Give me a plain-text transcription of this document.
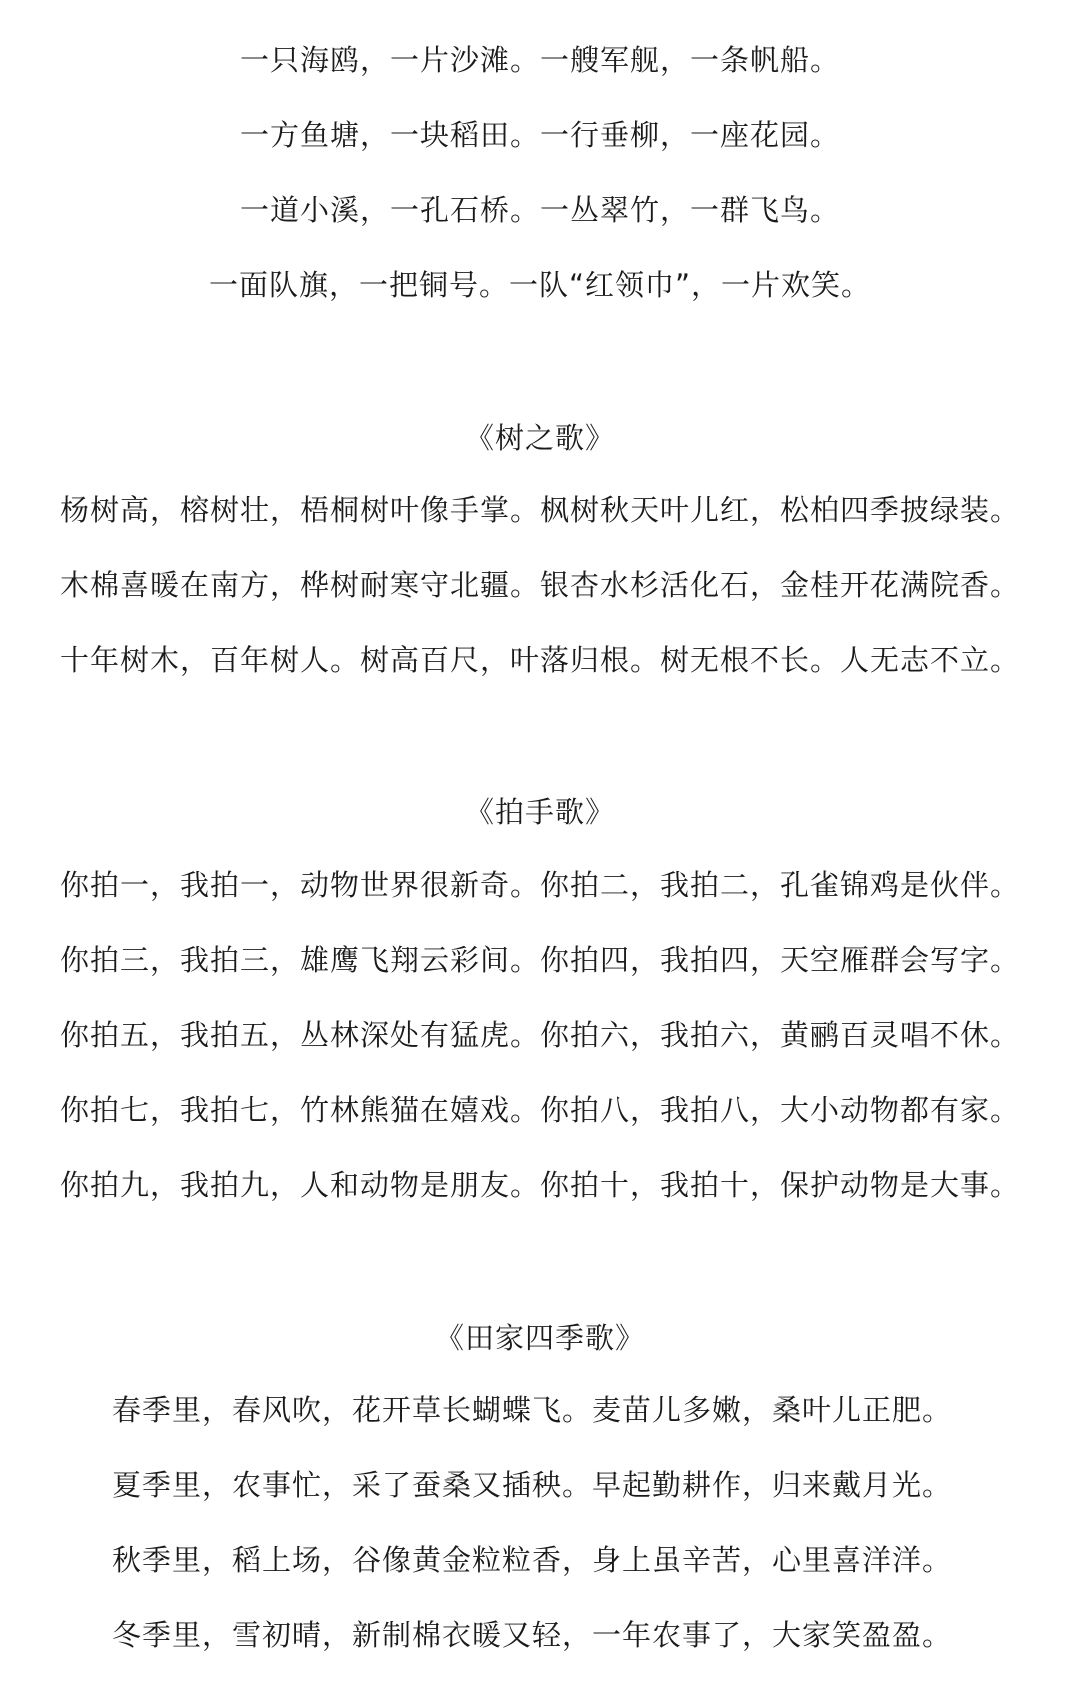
一只海鸥，一片沙滩。一艘军舰，一条帆船。
一方鱼塘，一块稻田。一行垂柳，一座花园。
一道小溪，一孔石桥。一丛翠竹，一群飞鸟。
一面队旗，一把铜号。一队“红领巾”，一片欢笑。
《树之歌》
杨树高，榕树壮，梧桐树叶像手掌。枫树秋天叶儿红，松柏四季披绿装。
木棉喜暖在南方，桦树耐寒守北疆。银杏水杉活化石，金桂开花满院香。
十年树木，百年树人。树高百尺，叶落归根。树无根不长。人无志不立。
《拍手歌》
你拍一，我拍一，动物世界很新奇。你拍二，我拍二，孔雀锦鸡是伙伴。
你拍三，我拍三，雄鹰飞翔云彩间。你拍四，我拍四，天空雁群会写字。
你拍五，我拍五，丛林深处有猛虎。你拍六，我拍六，黄鹂百灵唱不休。
你拍七，我拍七，竹林熊猫在嬉戏。你拍八，我拍八，大小动物都有家。
你拍九，我拍九，人和动物是朋友。你拍十，我拍十，保护动物是大事。
《田家四季歌》
春季里，春风吹，花开草长蝴蝶飞。麦苗儿多嫩，桑叶儿正肥。
夏季里，农事忙，采了蚕桑又插秧。早起勤耕作，归来戴月光。
秋季里，稻上场，谷像黄金粒粒香，身上虽辛苦，心里喜洋洋。
冬季里，雪初晴，新制棉衣暖又轻，一年农事了，大家笑盈盈。
